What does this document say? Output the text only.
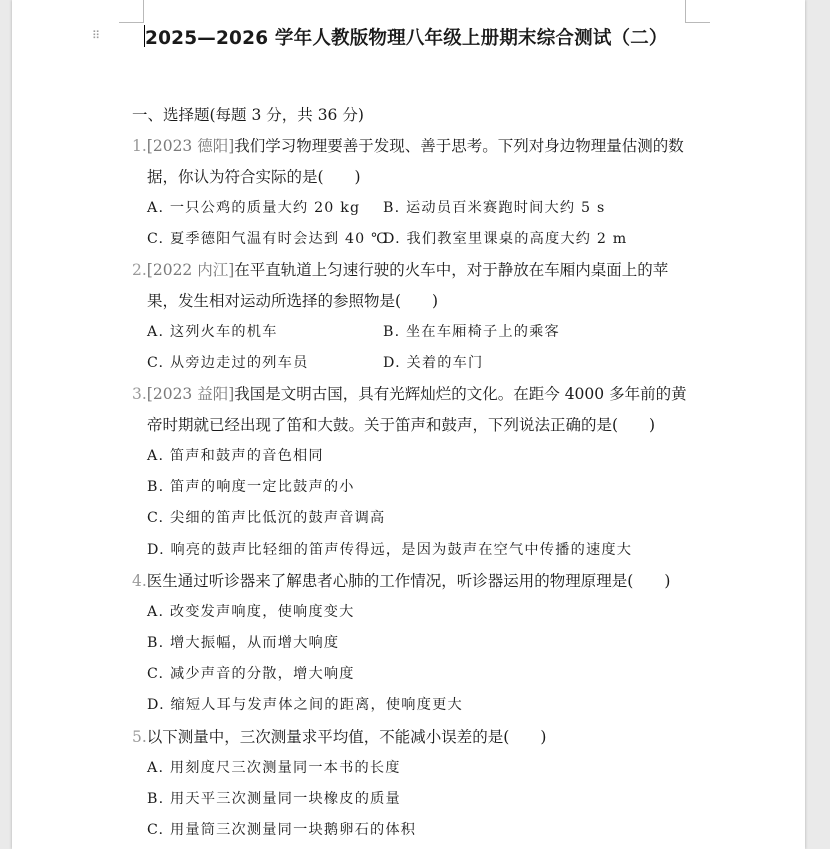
⠿ 2025—2026 学年人教版物理八年级上册期末综合测试（二）
一、选择题(每题 3 分，共 36 分)
1.[2023 德阳]我们学习物理要善于发现、善于思考。下列对身边物理量估测的数
据，你认为符合实际的是(　　)
A. 一只公鸡的质量大约 20 kg B. 运动员百米赛跑时间大约 5 s
C. 夏季德阳气温有时会达到 40 ℃
D. 我们教室里课桌的高度大约 2 m
2.[2022 内江]在平直轨道上匀速行驶的火车中，对于静放在车厢内桌面上的苹
果，发生相对运动所选择的参照物是(　　)
A. 这列火车的机车	B. 坐在车厢椅子上的乘客
C. 从旁边走过的列车员	D. 关着的车门
3.[2023 益阳]我国是文明古国，具有光辉灿烂的文化。在距今 4000 多年前的黄
帝时期就已经出现了笛和大鼓。关于笛声和鼓声，下列说法正确的是(　　)
A. 笛声和鼓声的音色相同
B. 笛声的响度一定比鼓声的小
C. 尖细的笛声比低沉的鼓声音调高
D. 响亮的鼓声比轻细的笛声传得远，是因为鼓声在空气中传播的速度大
4.医生通过听诊器来了解患者心肺的工作情况，听诊器运用的物理原理是(　　)
A. 改变发声响度，使响度变大
B. 增大振幅，从而增大响度
C. 减少声音的分散，增大响度
D. 缩短人耳与发声体之间的距离，使响度更大
5.以下测量中，三次测量求平均值，不能减小误差的是(　　)
A. 用刻度尺三次测量同一本书的长度
B. 用天平三次测量同一块橡皮的质量
C. 用量筒三次测量同一块鹅卵石的体积
